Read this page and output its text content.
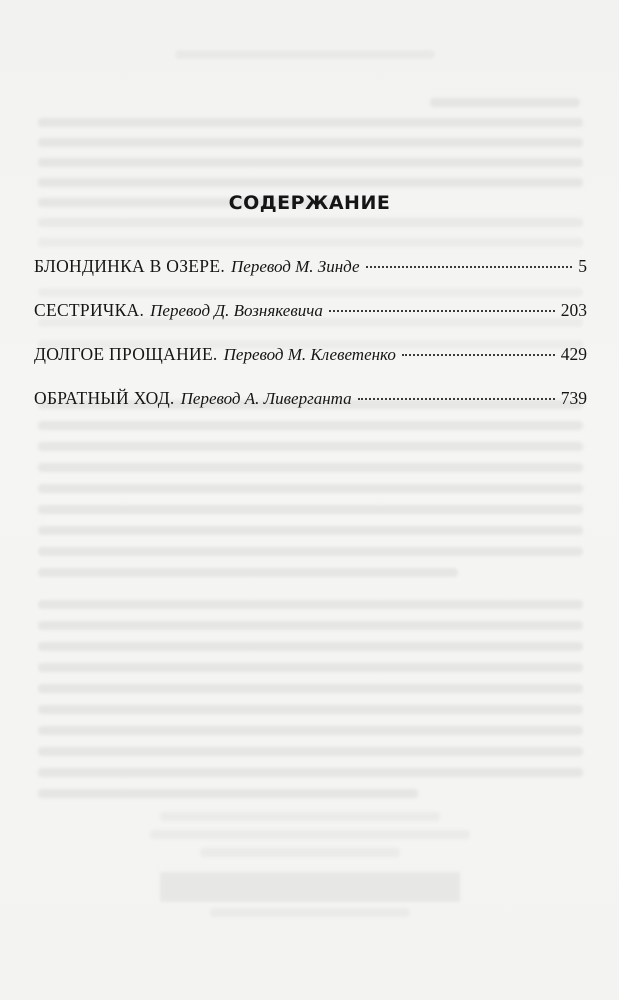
СОДЕРЖАНИЕ
БЛОНДИНКА В ОЗЕРЕ. Перевод М. Зинде	5
СЕСТРИЧКА. Перевод Д. Вознякевича	203
ДОЛГОЕ ПРОЩАНИЕ. Перевод М. Клеветенко	429
ОБРАТНЫЙ ХОД. Перевод А. Ливерганта	739
